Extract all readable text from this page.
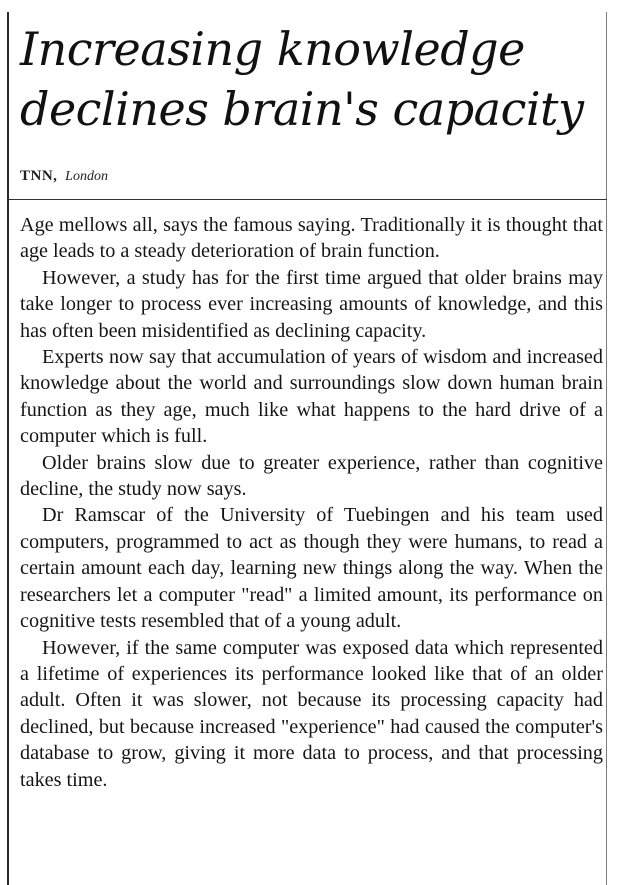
Increasing knowledge declines brain's capacity
TNN, London

Age mellows all, says the famous saying. Traditionally it is thought that age leads to a steady deterioration of brain function.

However, a study has for the first time argued that older brains may take longer to process ever increasing amounts of knowledge, and this has often been misidentified as declining capacity.

Experts now say that accumulation of years of wisdom and increased knowledge about the world and surroundings slow down human brain function as they age, much like what happens to the hard drive of a computer which is full.

Older brains slow due to greater experience, rather than cognitive decline, the study now says.

Dr Ramscar of the University of Tuebingen and his team used computers, programmed to act as though they were humans, to read a certain amount each day, learning new things along the way. When the researchers let a computer "read" a limited amount, its performance on cognitive tests resembled that of a young adult.

However, if the same computer was exposed data which represented a lifetime of experiences its performance looked like that of an older adult. Often it was slower, not because its processing capacity had declined, but because increased "experience" had caused the computer's database to grow, giving it more data to process, and that processing takes time.
